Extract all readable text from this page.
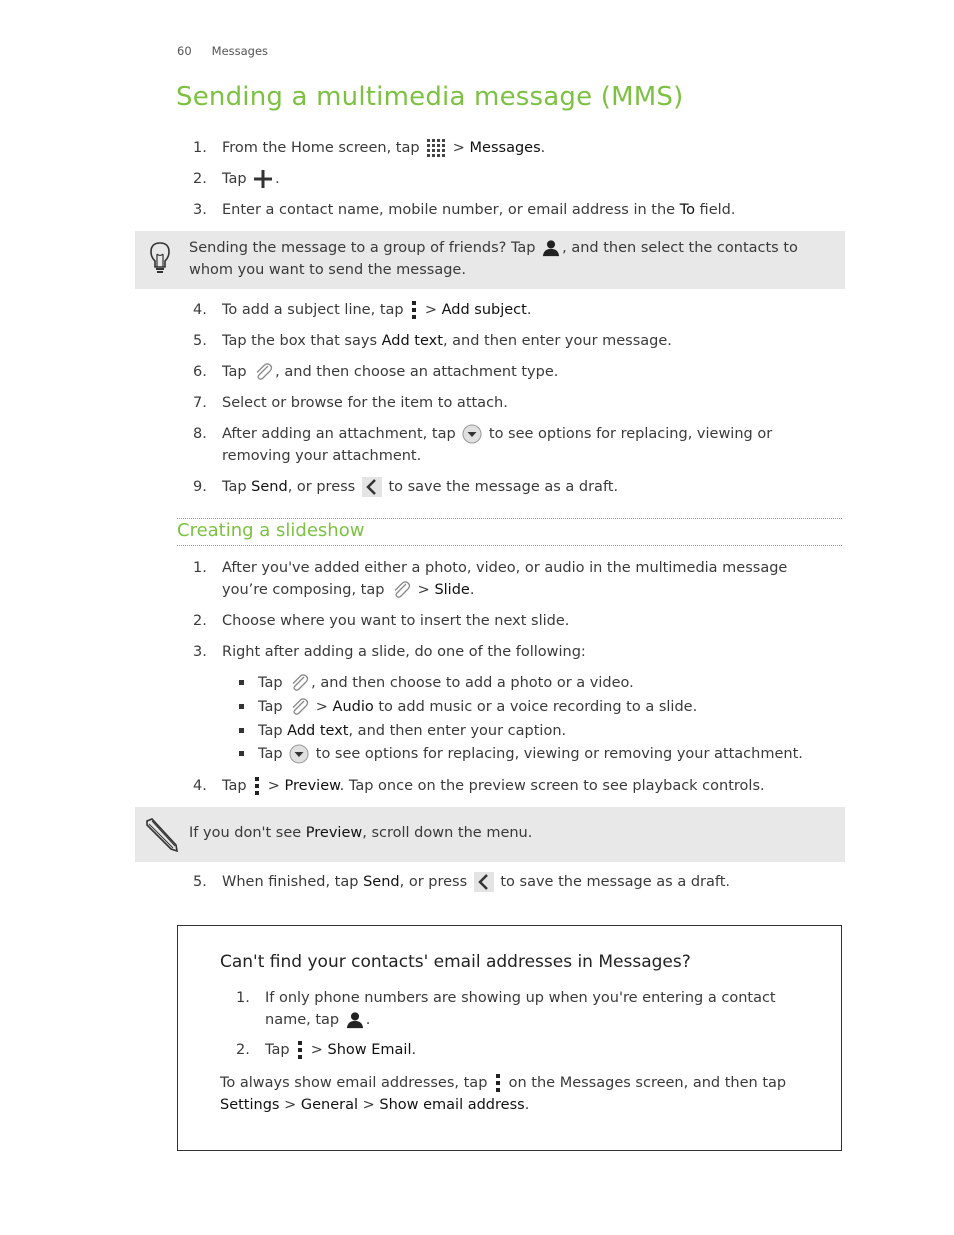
60 Messages
Sending a multimedia message (MMS)
1.	From the Home screen, tap  > Messages.
2.	Tap .
3.	Enter a contact name, mobile number, or email address in the To field.
Sending the message to a group of friends? Tap , and then select the contacts to whom you want to send the message.
4.	To add a subject line, tap  > Add subject.
5.	Tap the box that says Add text, and then enter your message.
6.	Tap , and then choose an attachment type.
7.	Select or browse for the item to attach.
8.	After adding an attachment, tap  to see options for replacing, viewing or removing your attachment.
9.	Tap Send, or press  to save the message as a draft.
Creating a slideshow
1.	After you've added either a photo, video, or audio in the multimedia message you’re composing, tap  > Slide.
2.	Choose where you want to insert the next slide.
3.	Right after adding a slide, do one of the following:
Tap , and then choose to add a photo or a video.
Tap  > Audio to add music or a voice recording to a slide.
Tap Add text, and then enter your caption.
Tap  to see options for replacing, viewing or removing your attachment.
4.	Tap  > Preview. Tap once on the preview screen to see playback controls.
If you don't see Preview, scroll down the menu.
5.	When finished, tap Send, or press  to save the message as a draft.
Can't find your contacts' email addresses in Messages?
1.	If only phone numbers are showing up when you're entering a contact name, tap .
2.	Tap  > Show Email.
To always show email addresses, tap  on the Messages screen, and then tap Settings > General > Show email address.
